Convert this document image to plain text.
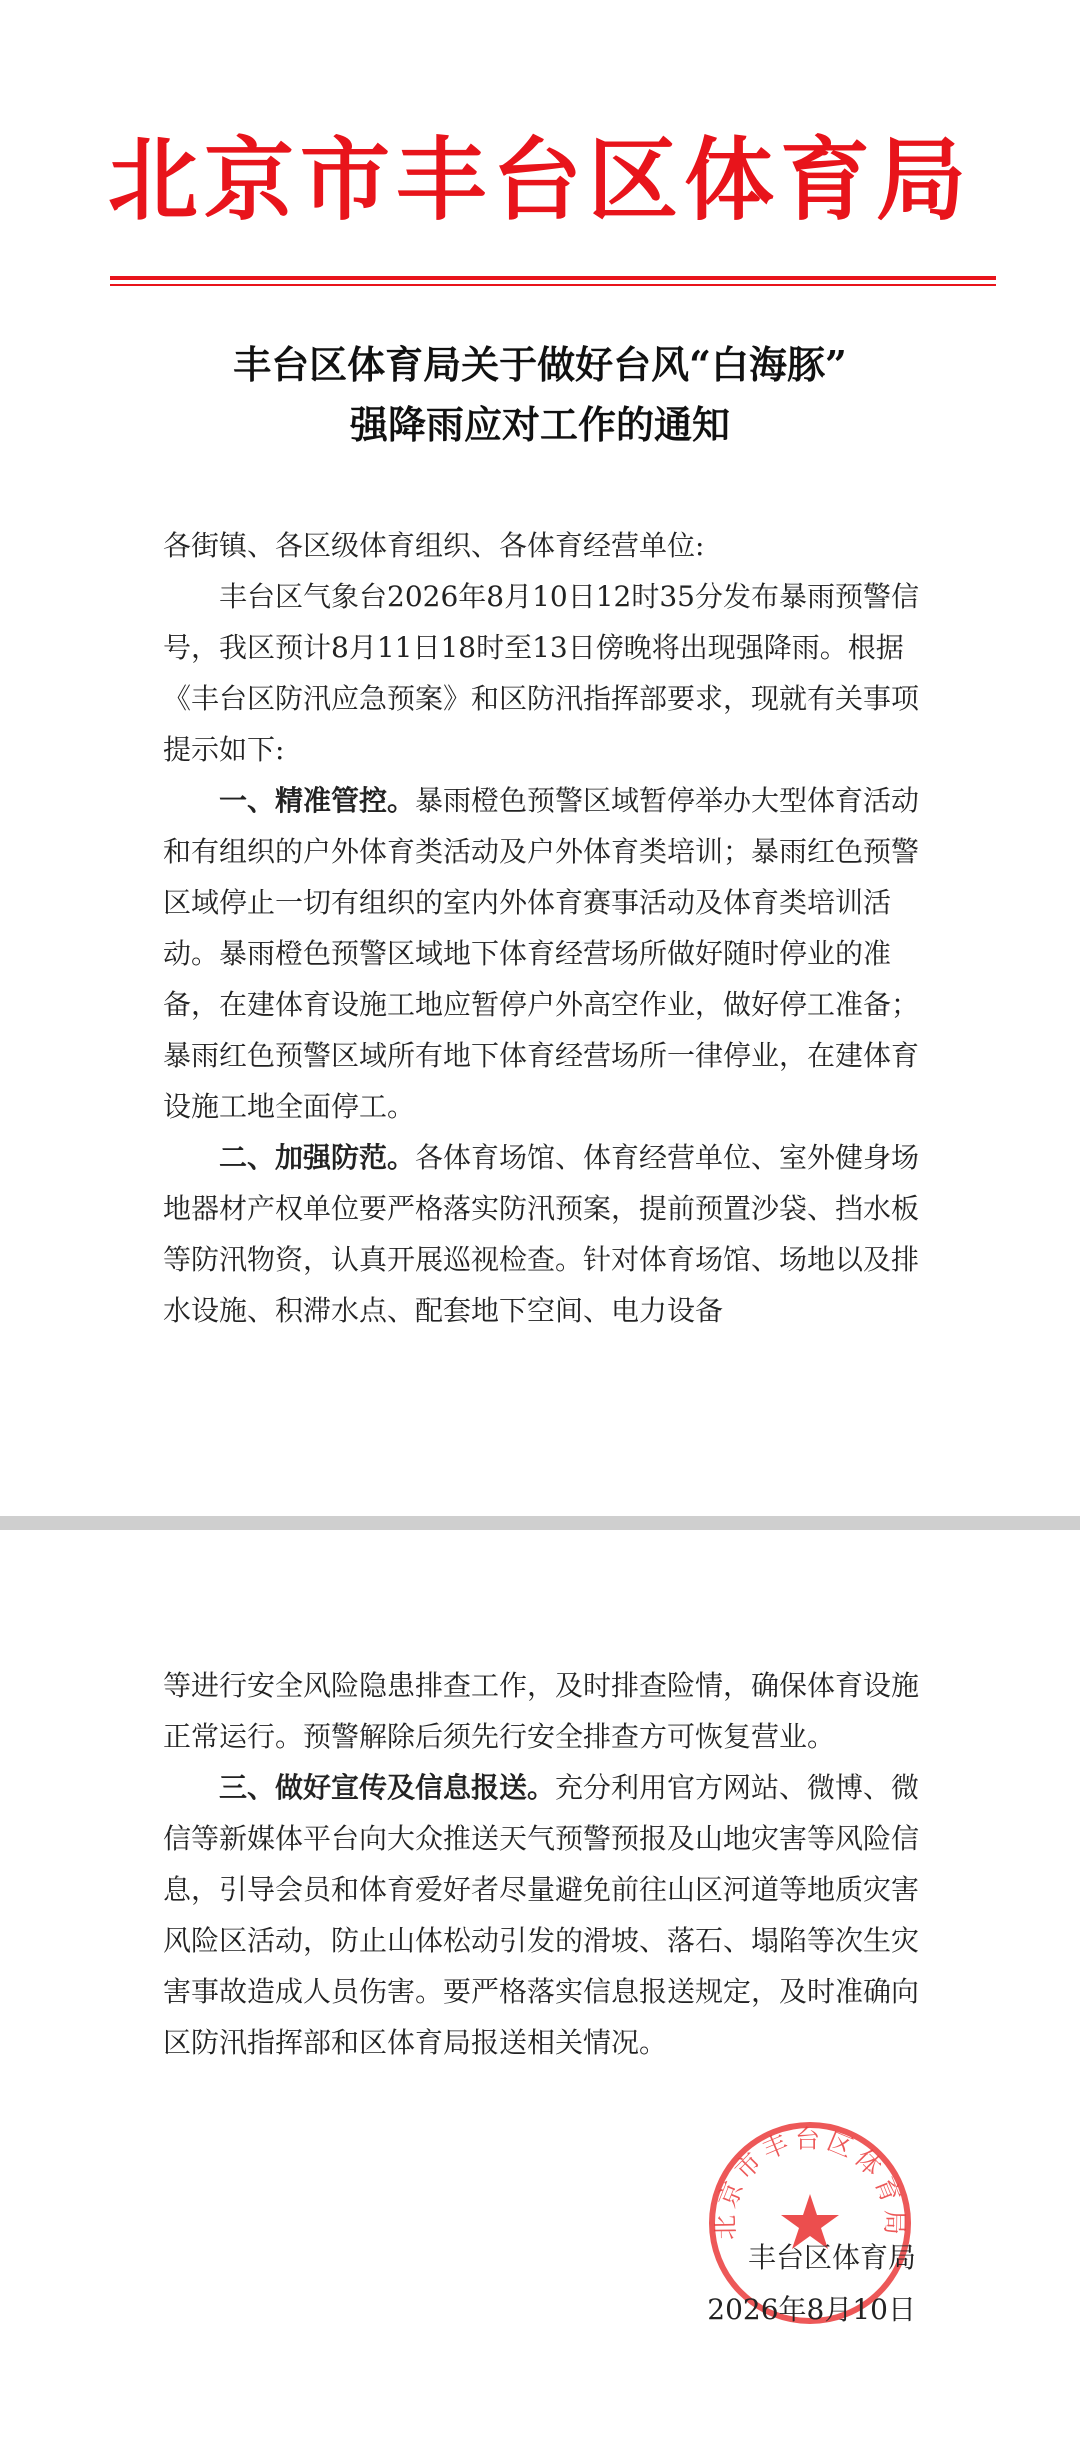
北京市丰台区体育局
丰台区体育局关于做好台风“白海豚”
强降雨应对工作的通知

各街镇、各区级体育组织、各体育经营单位:

丰台区气象台2026年8月10日12时35分发布暴雨预警信号，我区预计8月11日18时至13日傍晚将出现强降雨。根据《丰台区防汛应急预案》和区防汛指挥部要求，现就有关事项提示如下:

一、精准管控。暴雨橙色预警区域暂停举办大型体育活动和有组织的户外体育类活动及户外体育类培训；暴雨红色预警区域停止一切有组织的室内外体育赛事活动及体育类培训活动。暴雨橙色预警区域地下体育经营场所做好随时停业的准备，在建体育设施工地应暂停户外高空作业，做好停工准备；暴雨红色预警区域所有地下体育经营场所一律停业，在建体育设施工地全面停工。

二、加强防范。各体育场馆、体育经营单位、室外健身场地器材产权单位要严格落实防汛预案，提前预置沙袋、挡水板等防汛物资，认真开展巡视检查。针对体育场馆、场地以及排水设施、积滞水点、配套地下空间、电力设备

等进行安全风险隐患排查工作，及时排查险情，确保体育设施正常运行。预警解除后须先行安全排查方可恢复营业。

三、做好宣传及信息报送。充分利用官方网站、微博、微信等新媒体平台向大众推送天气预警预报及山地灾害等风险信息，引导会员和体育爱好者尽量避免前往山区河道等地质灾害风险区活动，防止山体松动引发的滑坡、落石、塌陷等次生灾害事故造成人员伤害。要严格落实信息报送规定，及时准确向区防汛指挥部和区体育局报送相关情况。

北京市丰台区体育局
丰台区体育局
2026年8月10日
